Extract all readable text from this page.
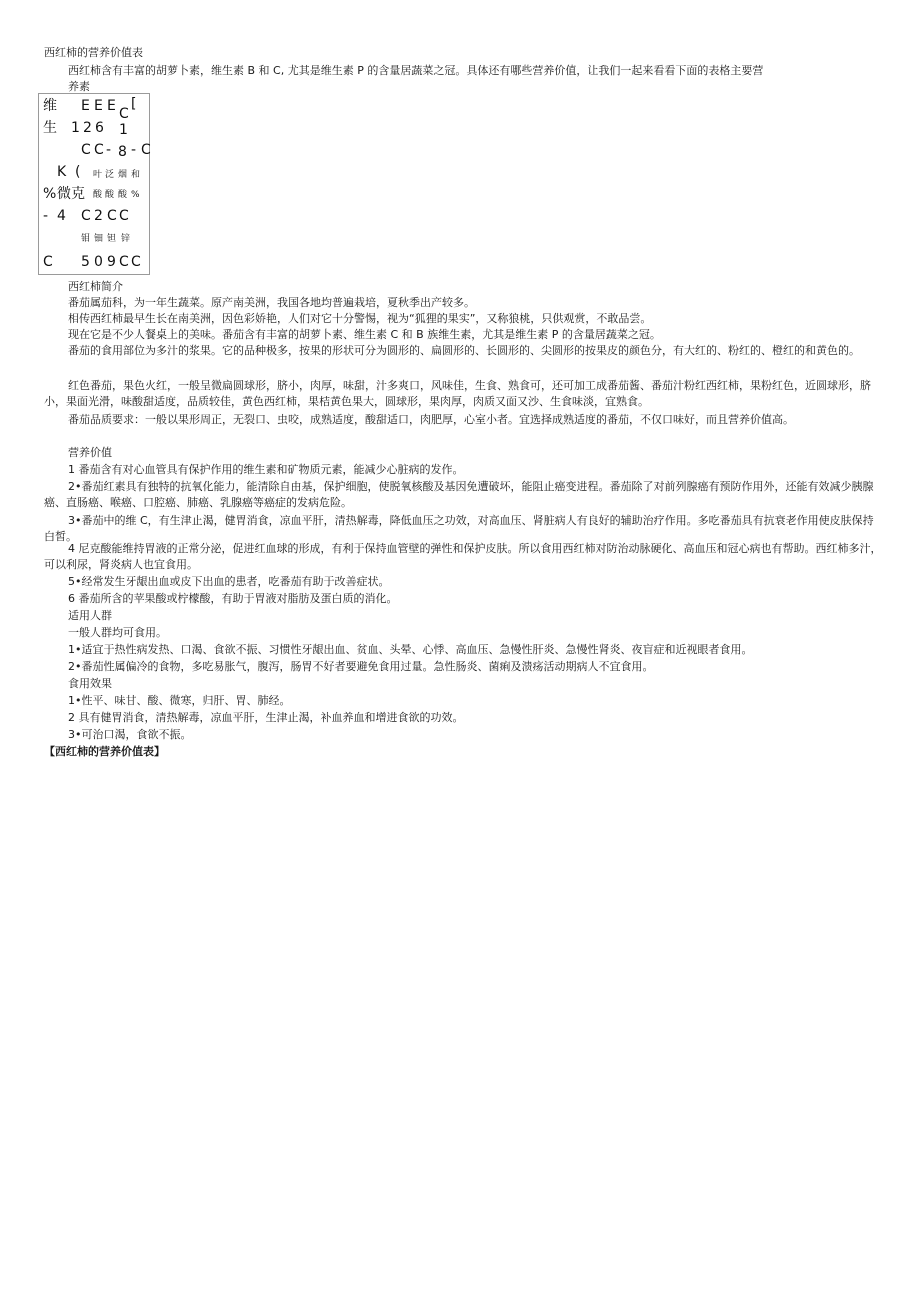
西红柿的营养价值表
西红柿含有丰富的胡萝卜素，维生素 B 和 C, 尤其是维生素 P 的含量居蔬菜之冠。具体还有哪些营养价值，让我们一起来看看下面的表格主要营
养素
维 E E E C
[
生 1 2 6 1
C C - 8 - C
K ( 叶 泛 烟 和
% 微克 酸 酸 酸 %
- 4 C 2 C C
钼 钿 钽 锌
C 5 0 9 C C
西红柿简介
番茄属茄科，为一年生蔬菜。原产南美洲，我国各地均普遍栽培，夏秋季出产较多。
相传西红柿最早生长在南美洲，因色彩娇艳，人们对它十分警惕，视为“狐狸的果实”，又称狼桃，只供观赏，不敢品尝。
现在它是不少人餐桌上的美味。番茄含有丰富的胡萝卜素、维生素 C 和 B 族维生素，尤其是维生素 P 的含量居蔬菜之冠。
番茄的食用部位为多汁的浆果。它的品种极多，按果的形状可分为圆形的、扁圆形的、长圆形的、尖圆形的按果皮的颜色分，有大红的、粉红的、橙红的和黄色的。
红色番茄，果色火红，一般呈微扁圆球形，脐小，肉厚，味甜，汁多爽口，风味佳，生食、熟食可，还可加工成番茄酱、番茄汁粉红西红柿，果粉红色，近圆球形，脐小，果面光滑，味酸甜适度，品质较佳，黄色西红柿，果桔黄色果大，圆球形，果肉厚，肉质又面又沙、生食味淡，宜熟食。
番茄品质要求：一般以果形周正，无裂口、虫咬，成熟适度，酸甜适口，肉肥厚，心室小者。宜选择成熟适度的番茄，不仅口味好，而且营养价值高。
营养价值
1 番茄含有对心血管具有保护作用的维生素和矿物质元素，能减少心脏病的发作。
2•番茄红素具有独特的抗氧化能力，能清除自由基，保护细胞，使脱氧核酸及基因免遭破坏，能阻止癌变进程。番茄除了对前列腺癌有预防作用外，还能有效减少胰腺癌、直肠癌、喉癌、口腔癌、肺癌、乳腺癌等癌症的发病危险。
3•番茄中的维 C，有生津止渴，健胃消食，凉血平肝，清热解毒，降低血压之功效，对高血压、肾脏病人有良好的辅助治疗作用。多吃番茄具有抗衰老作用使皮肤保持白皙。
4 尼克酸能维持胃液的正常分泌，促进红血球的形成，有利于保持血管壁的弹性和保护皮肤。所以食用西红柿对防治动脉硬化、高血压和冠心病也有帮助。西红柿多汁，可以利尿，肾炎病人也宜食用。
5•经常发生牙龈出血或皮下出血的患者，吃番茄有助于改善症状。
6 番茄所含的苹果酸或柠檬酸，有助于胃液对脂肪及蛋白质的消化。
适用人群
一般人群均可食用。
1•适宜于热性病发热、口渴、食欲不振、习惯性牙龈出血、贫血、头晕、心悸、高血压、急慢性肝炎、急慢性肾炎、夜盲症和近视眼者食用。
2•番茄性属偏冷的食物，多吃易胀气，腹泻，肠胃不好者要避免食用过量。急性肠炎、菌痢及溃疡活动期病人不宜食用。
食用效果
1•性平、味甘、酸、微寒，归肝、胃、肺经。
2 具有健胃消食，清热解毒，凉血平肝，生津止渴，补血养血和增进食欲的功效。
3•可治口渴，食欲不振。
【西红柿的营养价值表】
